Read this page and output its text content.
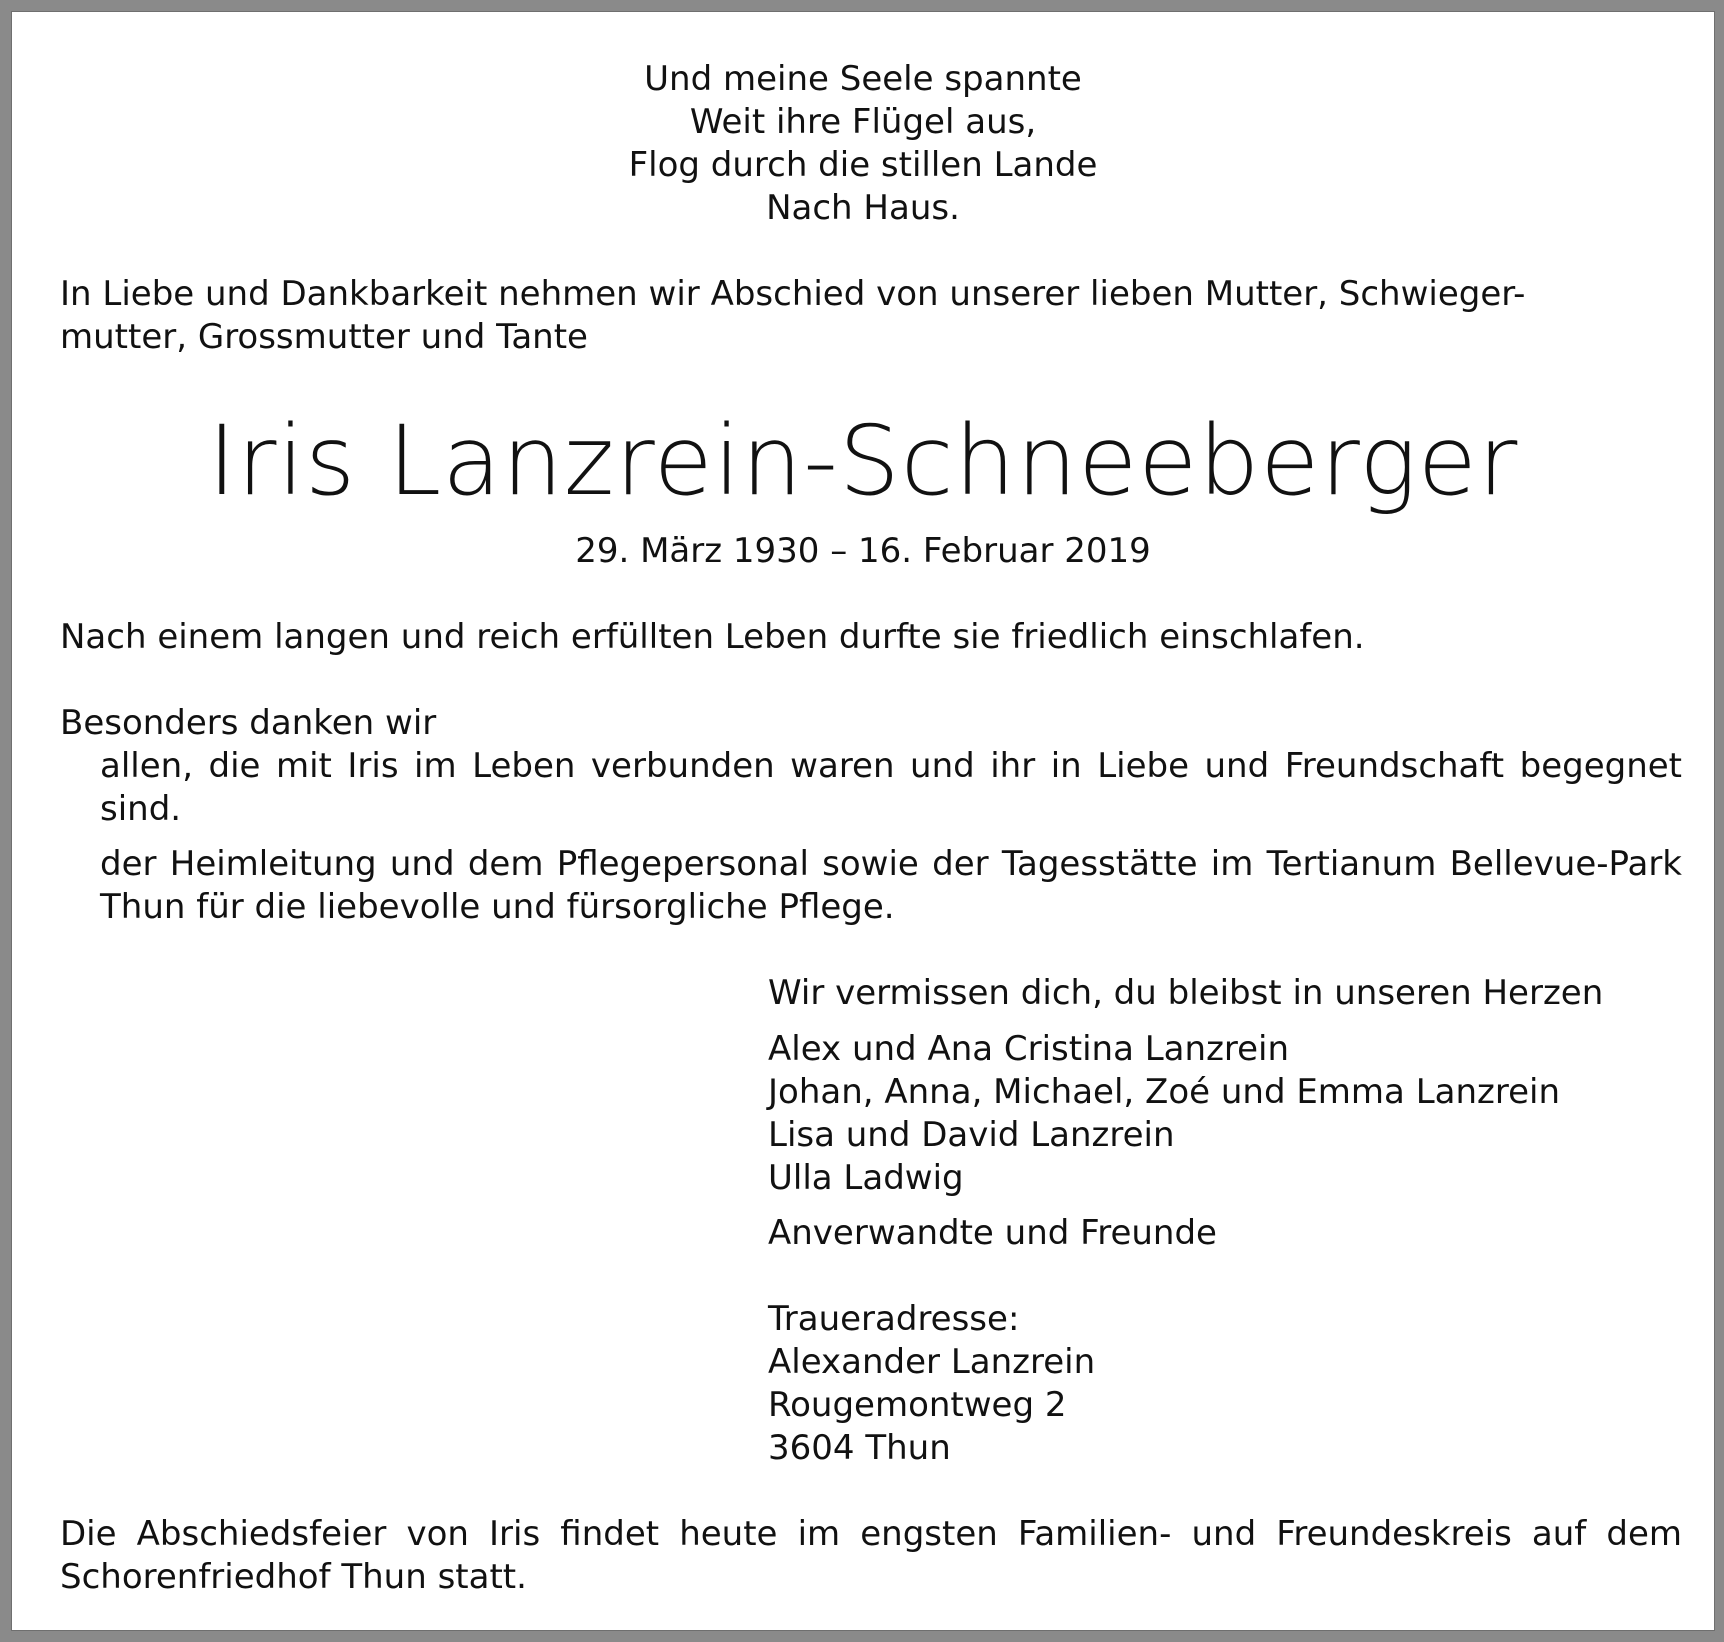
Und meine Seele spannte

Weit ihre Flügel aus,

Flog durch die stillen Lande

Nach Haus.

In Liebe und Dankbarkeit nehmen wir Abschied von unserer lieben Mutter, Schwieger-

mutter, Grossmutter und Tante

Iris Lanzrein-Schneeberger

29. März 1930 – 16. Februar 2019

Nach einem langen und reich erfüllten Leben durfte sie friedlich einschlafen.

Besonders danken wir

allen, die mit Iris im Leben verbunden waren und ihr in Liebe und Freundschaft begegnet sind.

der Heimleitung und dem Pflegepersonal sowie der Tagesstätte im Tertianum Bellevue-Park Thun für die liebevolle und fürsorgliche Pflege.

Wir vermissen dich, du bleibst in unseren Herzen

Alex und Ana Cristina Lanzrein

Johan, Anna, Michael, Zoé und Emma Lanzrein

Lisa und David Lanzrein

Ulla Ladwig

Anverwandte und Freunde

Traueradresse:

Alexander Lanzrein

Rougemontweg 2

3604 Thun

Die Abschiedsfeier von Iris findet heute im engsten Familien- und Freundeskreis auf dem Schorenfriedhof Thun statt.
